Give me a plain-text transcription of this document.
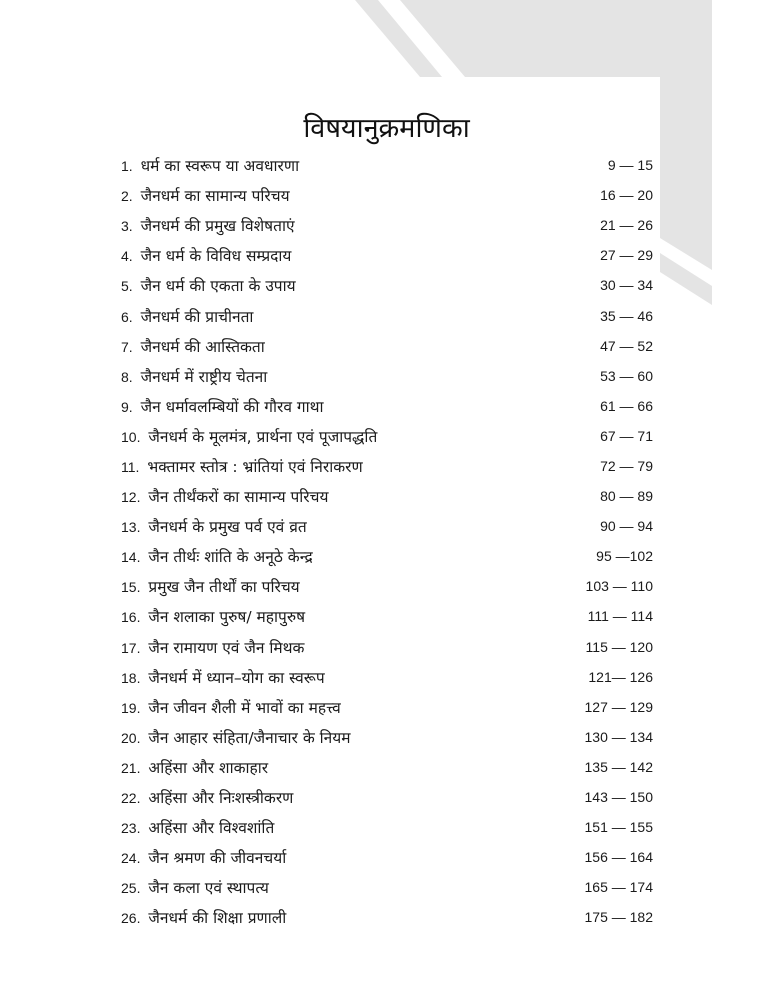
विषयानुक्रमणिका
1. धर्म का स्वरूप या अवधारणा	9 — 15
2. जैनधर्म का सामान्य परिचय	16 — 20
3. जैनधर्म की प्रमुख विशेषताएं	21 — 26
4. जैन धर्म के विविध सम्प्रदाय	27 — 29
5. जैन धर्म की एकता के उपाय	30 — 34
6. जैनधर्म की प्राचीनता	35 — 46
7. जैनधर्म की आस्तिकता	47 — 52
8. जैनधर्म में राष्ट्रीय चेतना	53 — 60
9. जैन धर्मावलम्बियों की गौरव गाथा	61 — 66
10. जैनधर्म के मूलमंत्र, प्रार्थना एवं पूजापद्धति	67 — 71
11. भक्तामर स्तोत्र : भ्रांतियां एवं निराकरण	72 — 79
12. जैन तीर्थंकरों का सामान्य परिचय	80 — 89
13. जैनधर्म के प्रमुख पर्व एवं व्रत	90 — 94
14. जैन तीर्थः शांति के अनूठे केन्द्र	95 —102
15. प्रमुख जैन तीर्थों का परिचय	103 — 110
16. जैन शलाका पुरुष/ महापुरुष	111 — 114
17. जैन रामायण एवं जैन मिथक	115 — 120
18. जैनधर्म में ध्यान–योग का स्वरूप	121— 126
19. जैन जीवन शैली में भावों का महत्त्व	127 — 129
20. जैन आहार संहिता/जैनाचार के नियम	130 — 134
21. अहिंसा और शाकाहार	135 — 142
22. अहिंसा और निःशस्त्रीकरण	143 — 150
23. अहिंसा और विश्वशांति	151 — 155
24. जैन श्रमण की जीवनचर्या	156 — 164
25. जैन कला एवं स्थापत्य	165 — 174
26. जैनधर्म की शिक्षा प्रणाली	175 — 182
